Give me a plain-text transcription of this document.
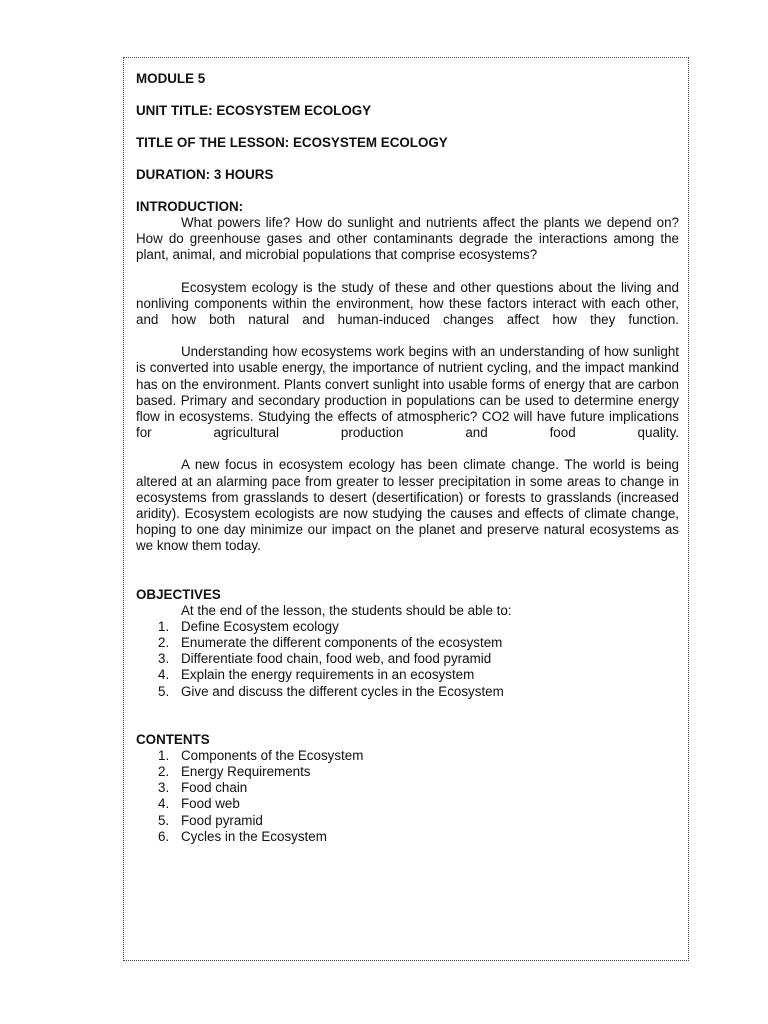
MODULE 5

UNIT TITLE: ECOSYSTEM ECOLOGY

TITLE OF THE LESSON: ECOSYSTEM ECOLOGY

DURATION: 3 HOURS

INTRODUCTION:

What powers life? How do sunlight and nutrients affect the plants we depend on? How do greenhouse gases and other contaminants degrade the interactions among the plant, animal, and microbial populations that comprise ecosystems?

Ecosystem ecology is the study of these and other questions about the living and nonliving components within the environment, how these factors interact with each other, and how both natural and human-induced changes affect how they function.

Understanding how ecosystems work begins with an understanding of how sunlight is converted into usable energy, the importance of nutrient cycling, and the impact mankind has on the environment. Plants convert sunlight into usable forms of energy that are carbon based. Primary and secondary production in populations can be used to determine energy flow in ecosystems. Studying the effects of atmospheric? CO2 will have future implications for agricultural production and food quality.

A new focus in ecosystem ecology has been climate change. The world is being altered at an alarming pace from greater to lesser precipitation in some areas to change in ecosystems from grasslands to desert (desertification) or forests to grasslands (increased aridity). Ecosystem ecologists are now studying the causes and effects of climate change, hoping to one day minimize our impact on the planet and preserve natural ecosystems as we know them today.

OBJECTIVES

At the end of the lesson, the students should be able to:

1. Define Ecosystem ecology
2. Enumerate the different components of the ecosystem
3. Differentiate food chain, food web, and food pyramid
4. Explain the energy requirements in an ecosystem
5. Give and discuss the different cycles in the Ecosystem

CONTENTS

1. Components of the Ecosystem
2. Energy Requirements
3. Food chain
4. Food web
5. Food pyramid
6. Cycles in the Ecosystem
